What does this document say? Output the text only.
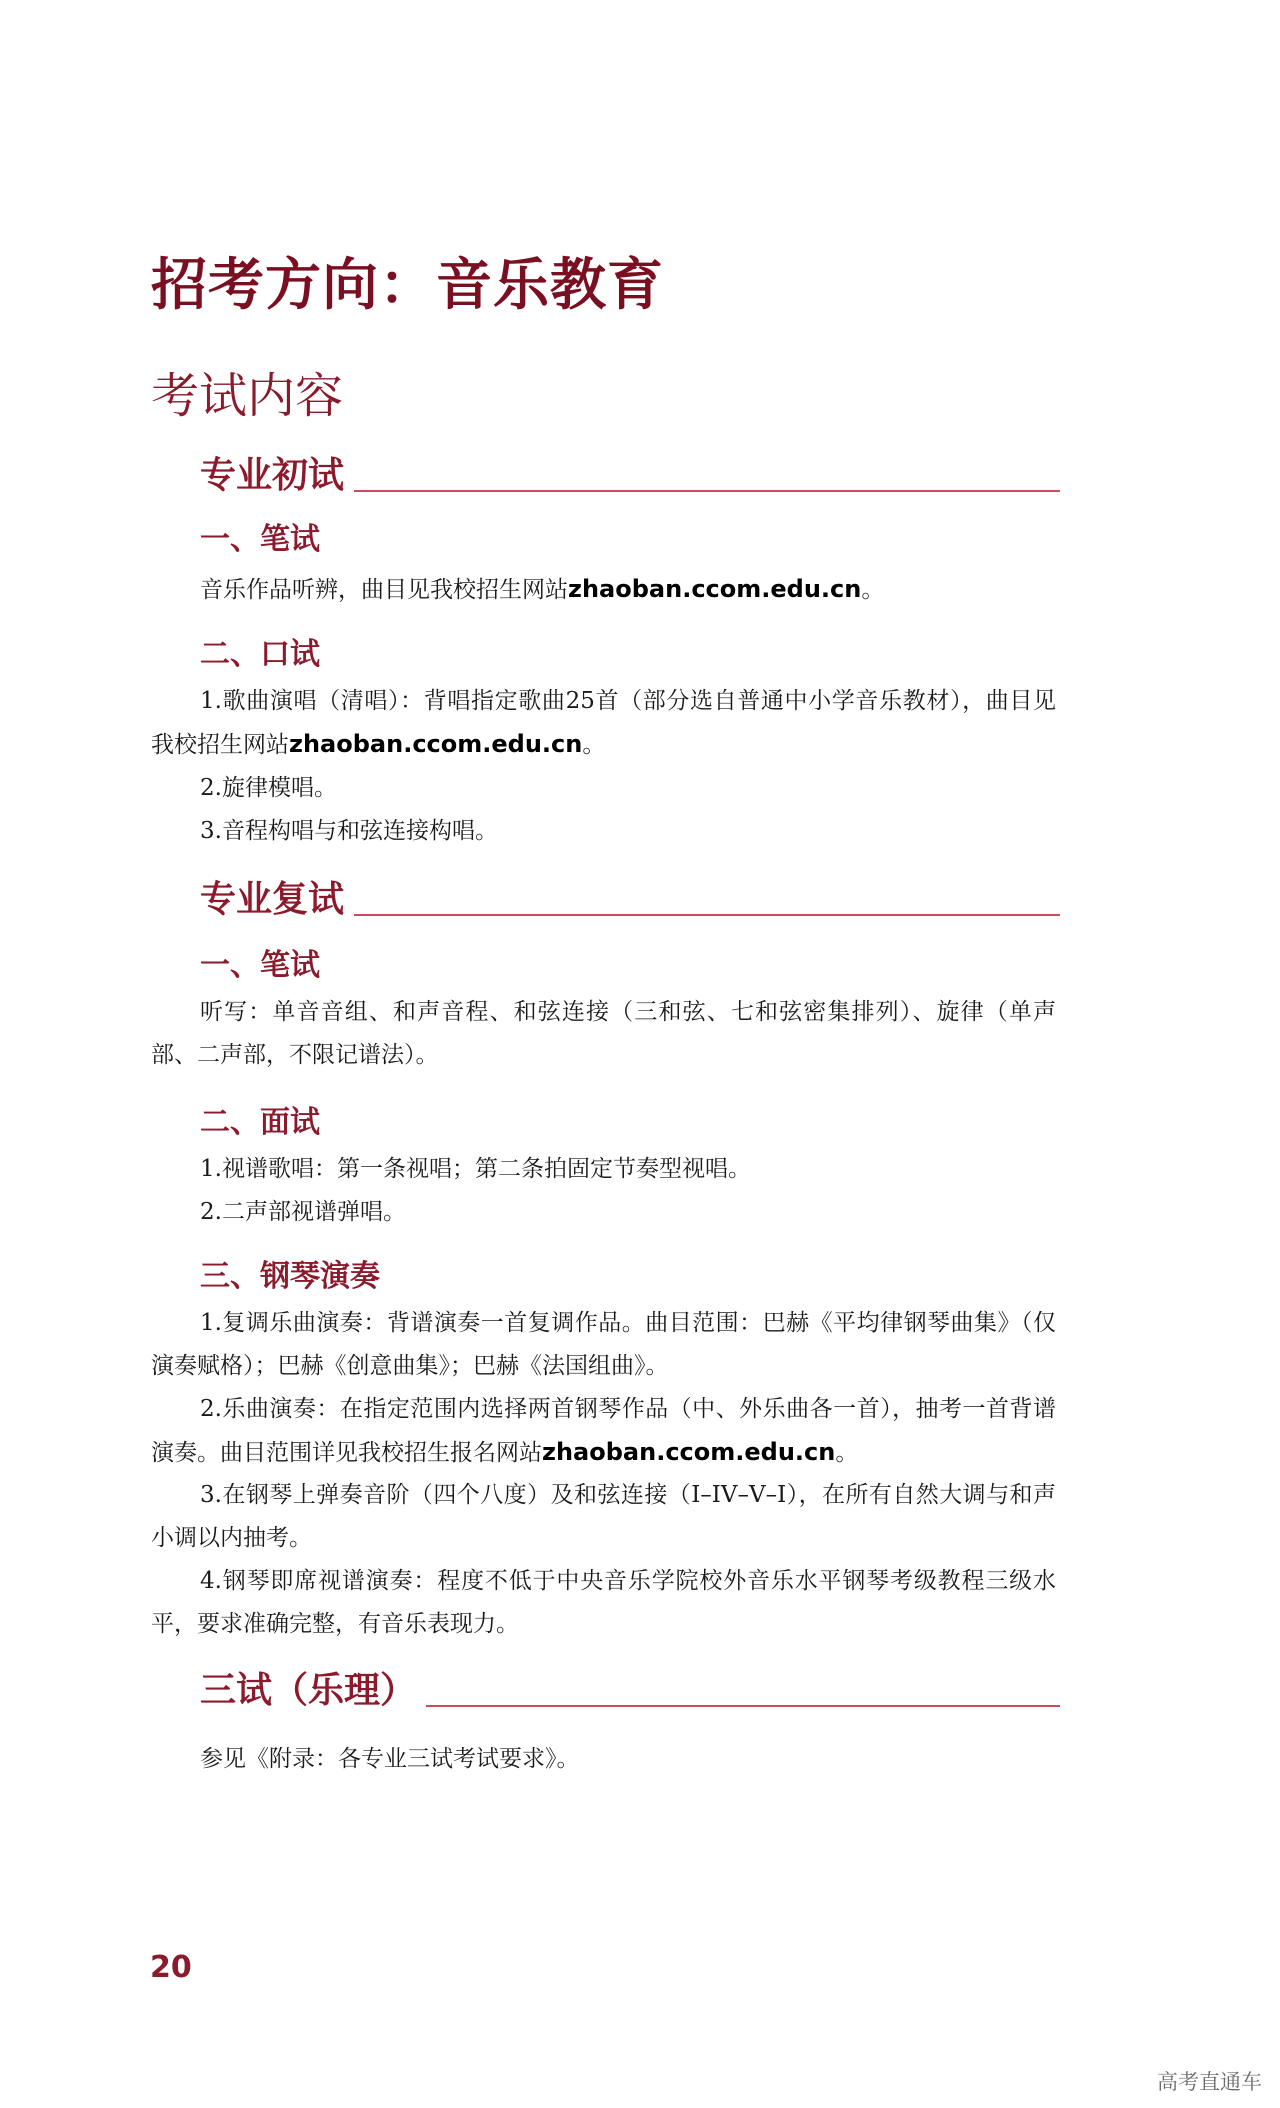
招考方向：音乐教育
考试内容
专业初试
一、笔试
音乐作品听辨，曲目见我校招生网站zhaoban.ccom.edu.cn。
二、口试
1.歌曲演唱（清唱）：背唱指定歌曲25首（部分选自普通中小学音乐教材），曲目见我校招生网站zhaoban.ccom.edu.cn。
2.旋律模唱。
3.音程构唱与和弦连接构唱。
专业复试
一、笔试
听写：单音音组、和声音程、和弦连接（三和弦、七和弦密集排列）、旋律（单声部、二声部，不限记谱法）。
二、面试
1.视谱歌唱：第一条视唱；第二条拍固定节奏型视唱。
2.二声部视谱弹唱。
三、钢琴演奏
1.复调乐曲演奏：背谱演奏一首复调作品。曲目范围：巴赫《平均律钢琴曲集》（仅演奏赋格）；巴赫《创意曲集》；巴赫《法国组曲》。
2.乐曲演奏：在指定范围内选择两首钢琴作品（中、外乐曲各一首），抽考一首背谱演奏。曲目范围详见我校招生报名网站zhaoban.ccom.edu.cn。
3.在钢琴上弹奏音阶（四个八度）及和弦连接（I–IV–V–I），在所有自然大调与和声小调以内抽考。
4.钢琴即席视谱演奏：程度不低于中央音乐学院校外音乐水平钢琴考级教程三级水平，要求准确完整，有音乐表现力。
三试（乐理）
参见《附录：各专业三试考试要求》。
20
高考直通车
